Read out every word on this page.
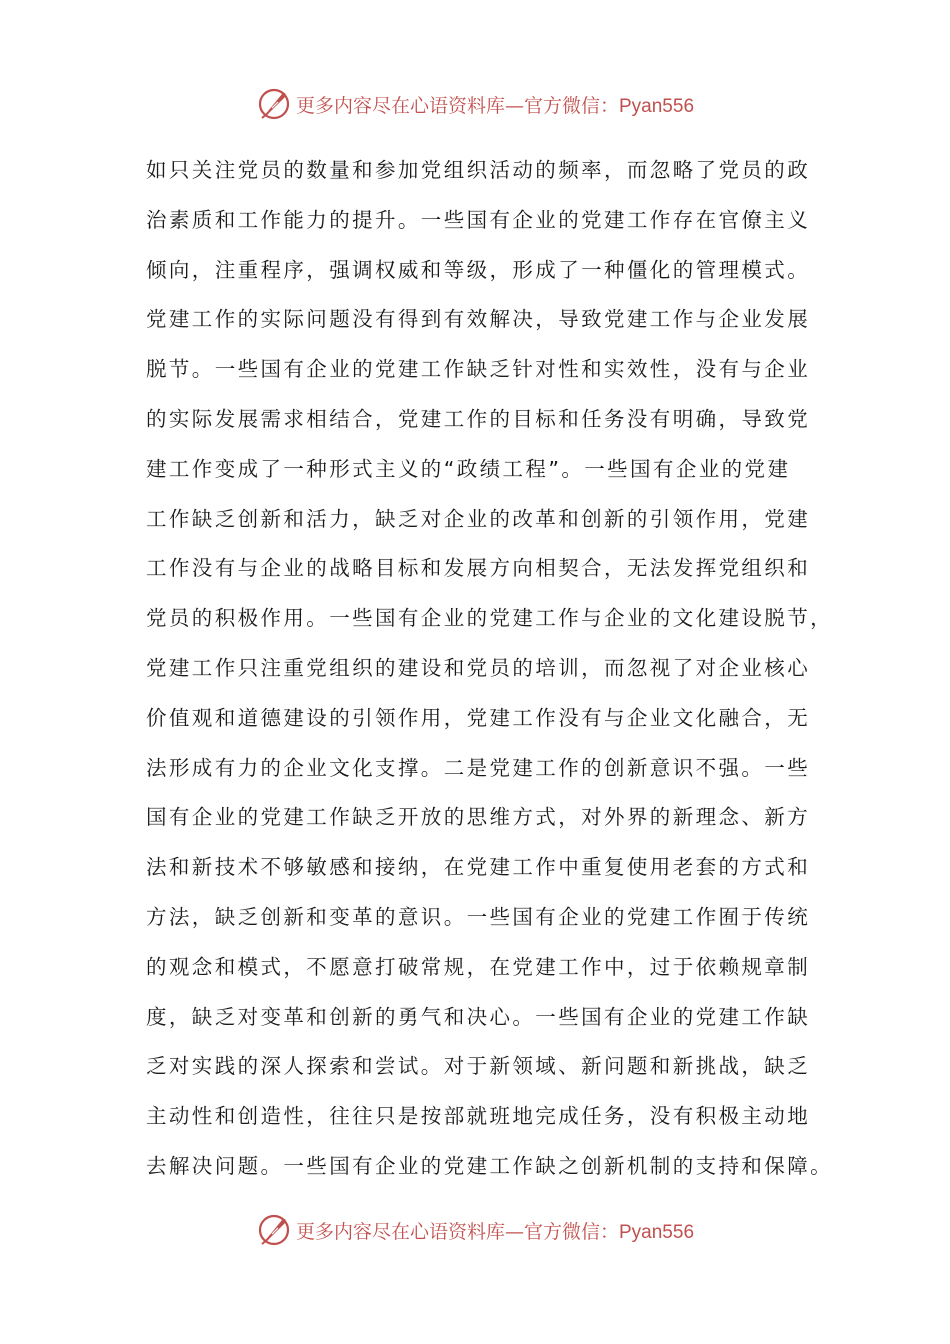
更多内容尽在心语资料库—官方微信：Pyan556
如只关注党员的数量和参加党组织活动的频率，而忽略了党员的政
治素质和工作能力的提升。一些国有企业的党建工作存在官僚主义
倾向，注重程序，强调权威和等级，形成了一种僵化的管理模式。
党建工作的实际问题没有得到有效解决，导致党建工作与企业发展
脱节。一些国有企业的党建工作缺乏针对性和实效性，没有与企业
的实际发展需求相结合，党建工作的目标和任务没有明确，导致党
建工作变成了一种形式主义的“政绩工程”。一些国有企业的党建
工作缺乏创新和活力，缺乏对企业的改革和创新的引领作用，党建
工作没有与企业的战略目标和发展方向相契合，无法发挥党组织和
党员的积极作用。一些国有企业的党建工作与企业的文化建设脱节，
党建工作只注重党组织的建设和党员的培训，而忽视了对企业核心
价值观和道德建设的引领作用，党建工作没有与企业文化融合，无
法形成有力的企业文化支撑。二是党建工作的创新意识不强。一些
国有企业的党建工作缺乏开放的思维方式，对外界的新理念、新方
法和新技术不够敏感和接纳，在党建工作中重复使用老套的方式和
方法，缺乏创新和变革的意识。一些国有企业的党建工作囿于传统
的观念和模式，不愿意打破常规，在党建工作中，过于依赖规章制
度，缺乏对变革和创新的勇气和决心。一些国有企业的党建工作缺
乏对实践的深人探索和尝试。对于新领域、新问题和新挑战，缺乏
主动性和创造性，往往只是按部就班地完成任务，没有积极主动地
去解决问题。一些国有企业的党建工作缺之创新机制的支持和保障。
更多内容尽在心语资料库—官方微信：Pyan556
